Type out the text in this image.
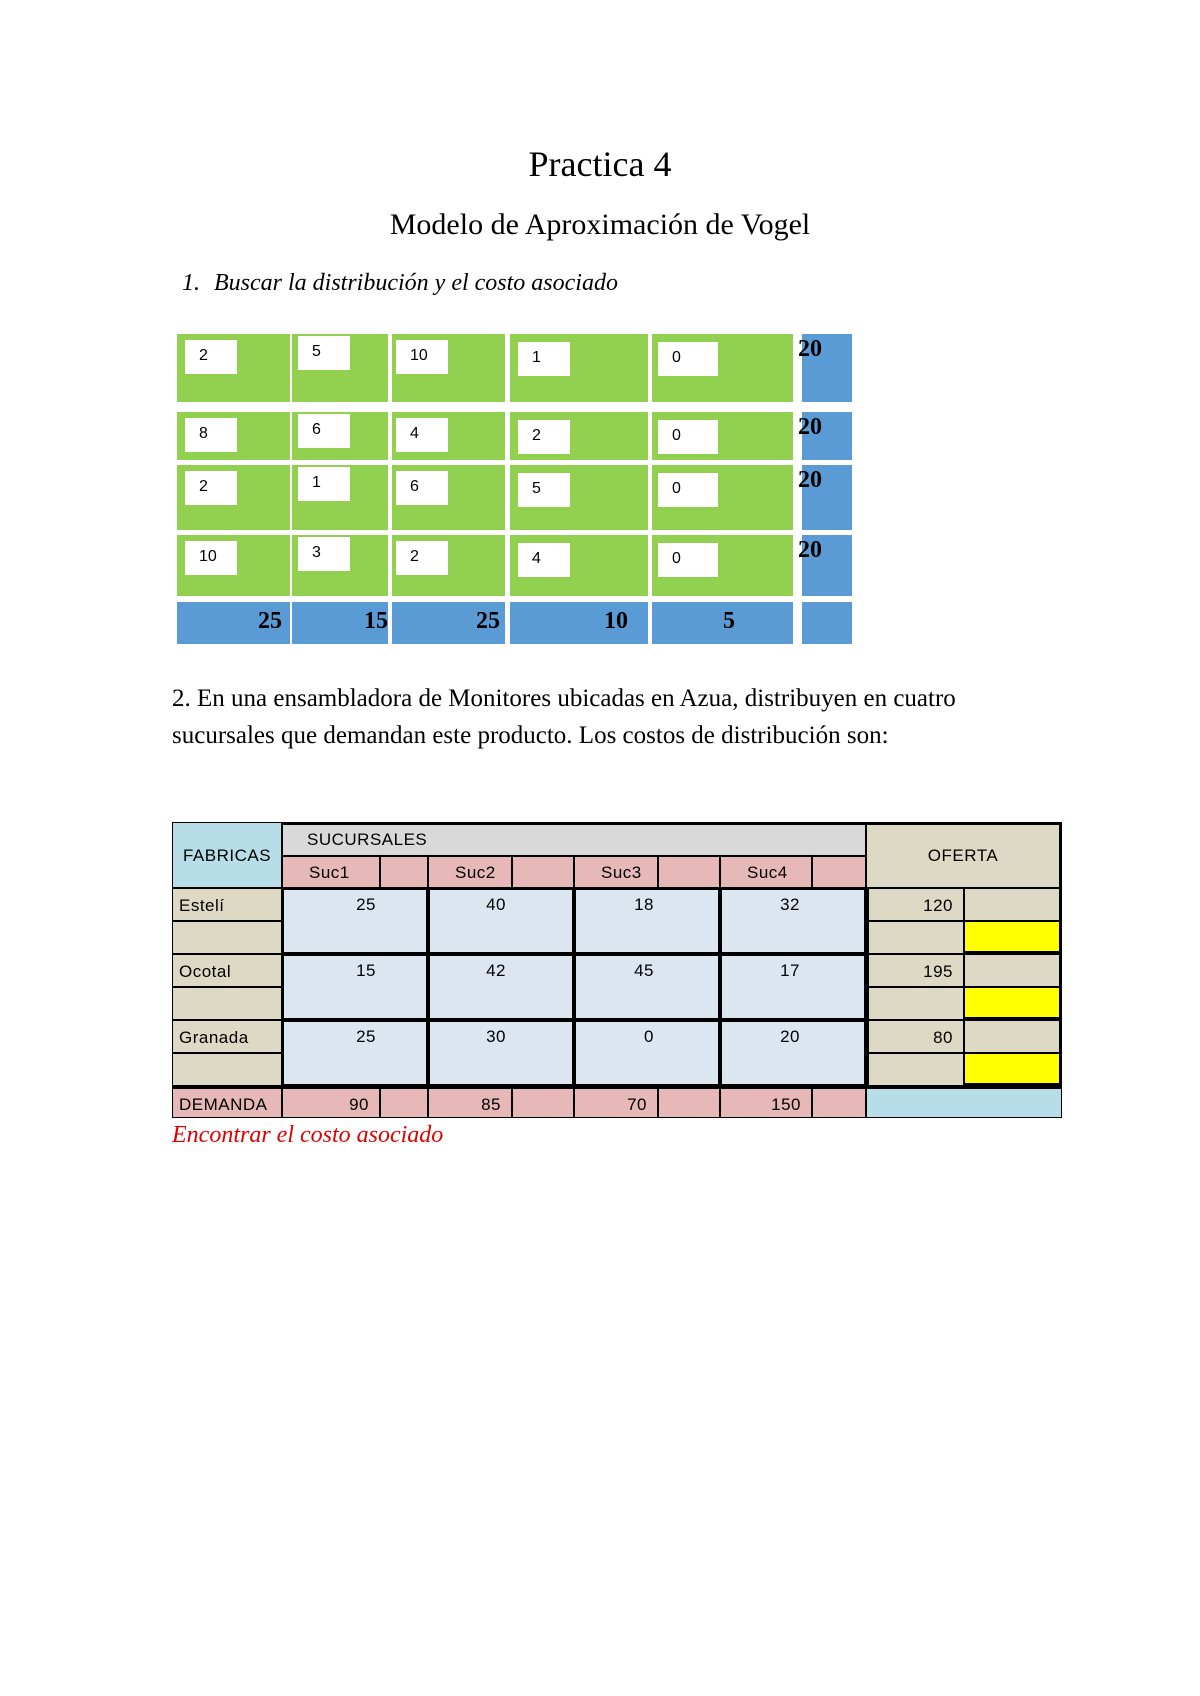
Practica 4
Modelo de Aproximación de Vogel
1. Buscar la distribución y el costo asociado
2	5	10	1	0	20
8	6	4	2	0	20
2	1	6	5	0	20
10	3	2	4	0	20
25	15	25	10	5
2. En una ensambladora de Monitores ubicadas en Azua, distribuyen en cuatro sucursales que demandan este producto. Los costos de distribución son:
FABRICAS
SUCURSALES
OFERTA
Suc1	Suc2	Suc3	Suc4
Estelí	25	40	18	32	120
Ocotal	15	42	45	17	195
Granada	25	30	0	20	80
DEMANDA	90	85	70	150
Encontrar el costo asociado
